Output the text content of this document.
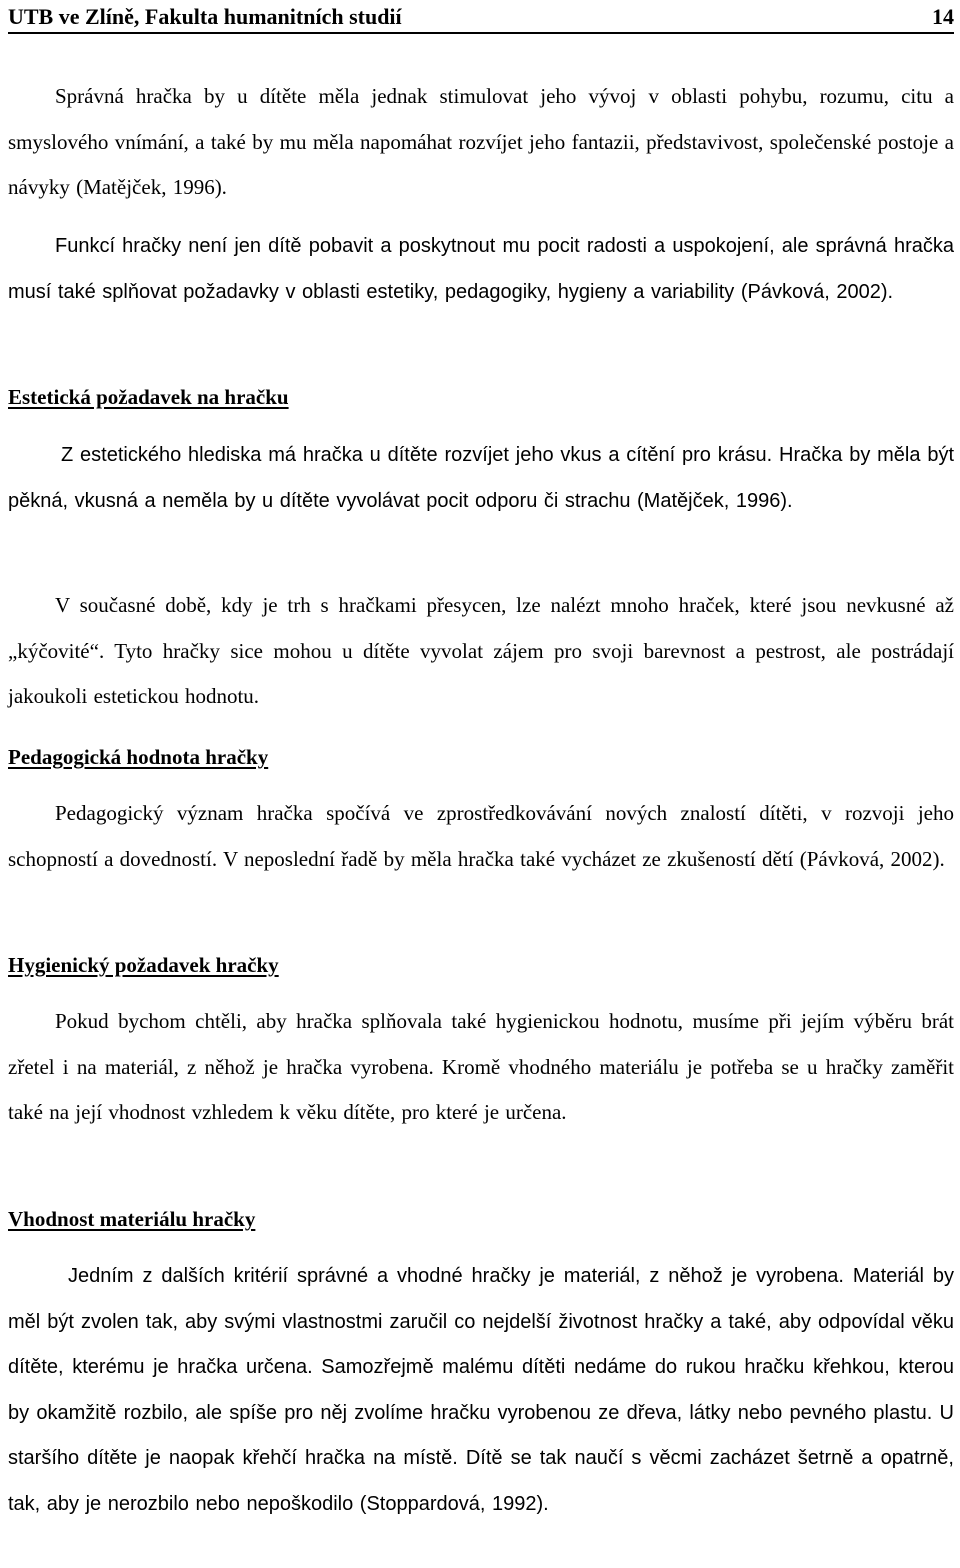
UTB ve Zlíně, Fakulta humanitních studií	14

Správná hračka by u dítěte měla jednak stimulovat jeho vývoj v oblasti pohybu, rozumu, citu a smyslového vnímání, a také by mu měla napomáhat rozvíjet jeho fantazii, představivost, společenské postoje a návyky (Matějček, 1996).

Funkcí hračky není jen dítě pobavit a poskytnout mu pocit radosti a uspokojení, ale správná hračka musí také splňovat požadavky v oblasti estetiky, pedagogiky, hygieny a variability (Pávková, 2002).

Estetická požadavek na hračku

Z estetického hlediska má hračka u dítěte rozvíjet jeho vkus a cítění pro krásu. Hračka by měla být pěkná, vkusná a neměla by u dítěte vyvolávat pocit odporu či strachu (Matějček, 1996).

V současné době, kdy je trh s hračkami přesycen, lze nalézt mnoho hraček, které jsou nevkusné až „kýčovité“. Tyto hračky sice mohou u dítěte vyvolat zájem pro svoji barevnost a pestrost, ale postrádají jakoukoli estetickou hodnotu.

Pedagogická hodnota hračky

Pedagogický význam hračka spočívá ve zprostředkovávání nových znalostí dítěti, v rozvoji jeho schopností a dovedností. V neposlední řadě by měla hračka také vycházet ze zkušeností dětí (Pávková, 2002).

Hygienický požadavek hračky

Pokud bychom chtěli, aby hračka splňovala také hygienickou hodnotu, musíme při jejím výběru brát zřetel i na materiál, z něhož je hračka vyrobena. Kromě vhodného materiálu je potřeba se u hračky zaměřit také na její vhodnost vzhledem k věku dítěte, pro které je určena.

Vhodnost materiálu hračky

Jedním z dalších kritérií správné a vhodné hračky je materiál, z něhož je vyrobena. Materiál by měl být zvolen tak, aby svými vlastnostmi zaručil co nejdelší životnost hračky a také, aby odpovídal věku dítěte, kterému je hračka určena. Samozřejmě malému dítěti nedáme do rukou hračku křehkou, kterou by okamžitě rozbilo, ale spíše pro něj zvolíme hračku vyrobenou ze dřeva, látky nebo pevného plastu. U staršího dítěte je naopak křehčí hračka na místě. Dítě se tak naučí s věcmi zacházet šetrně a opatrně, tak, aby je nerozbilo nebo nepoškodilo (Stoppardová, 1992).
